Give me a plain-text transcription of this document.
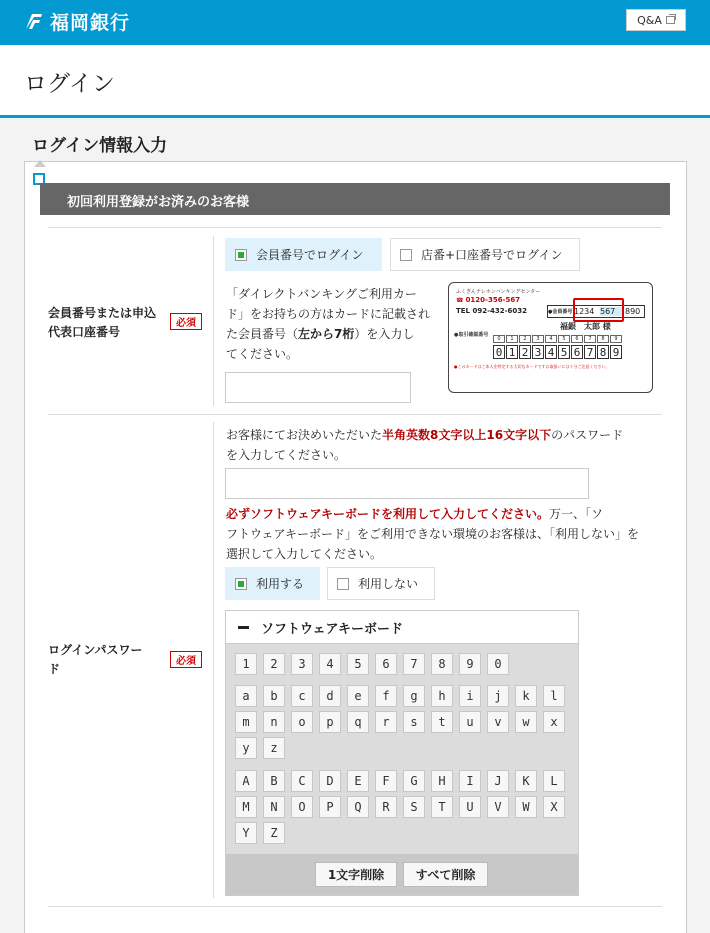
福岡銀行	Q&A
ログイン
ログイン情報入力
初回利用登録がお済みのお客様
会員番号または申込代表口座番号
必須
会員番号でログイン	店番+口座番号でログイン
「ダイレクトバンキングご利用カー
ド」をお持ちの方はカードに記載され
た会員番号（左から7桁）を入力し
てください。
ふくぎんテレホンバンキングセンター
☎ 0120-356-567
TEL 092-432-6032	●会員番号 1234 567	890
福銀　太郎 様
●取引確認番号
0	1	2	3	4	5	6	7	8	9
0 1 2 3 4 5 6 7 8 9
●このカードはご本人を特定する大切なカードですお取扱いには十分ご注意ください。
ログインパスワー
ド
必須
お客様にてお決めいただいた半角英数8文字以上16文字以下のパスワード
を入力してください。
必ずソフトウェアキーボードを利用して入力してください。万一、「ソ
フトウェアキーボード」をご利用できない環境のお客様は、「利用しない」を
選択して入力してください。
利用する	利用しない
ソフトウェアキーボード
1	2	3	4	5	6	7	8	9	0
a	b	c	d	e	f	g	h	i	j	k	l
m	n	o	p	q	r	s	t	u	v	w	x
y	z
A	B	C	D	E	F	G	H	I	J	K	L
M	N	O	P	Q	R	S	T	U	V	W	X
Y	Z
1文字削除	すべて削除
